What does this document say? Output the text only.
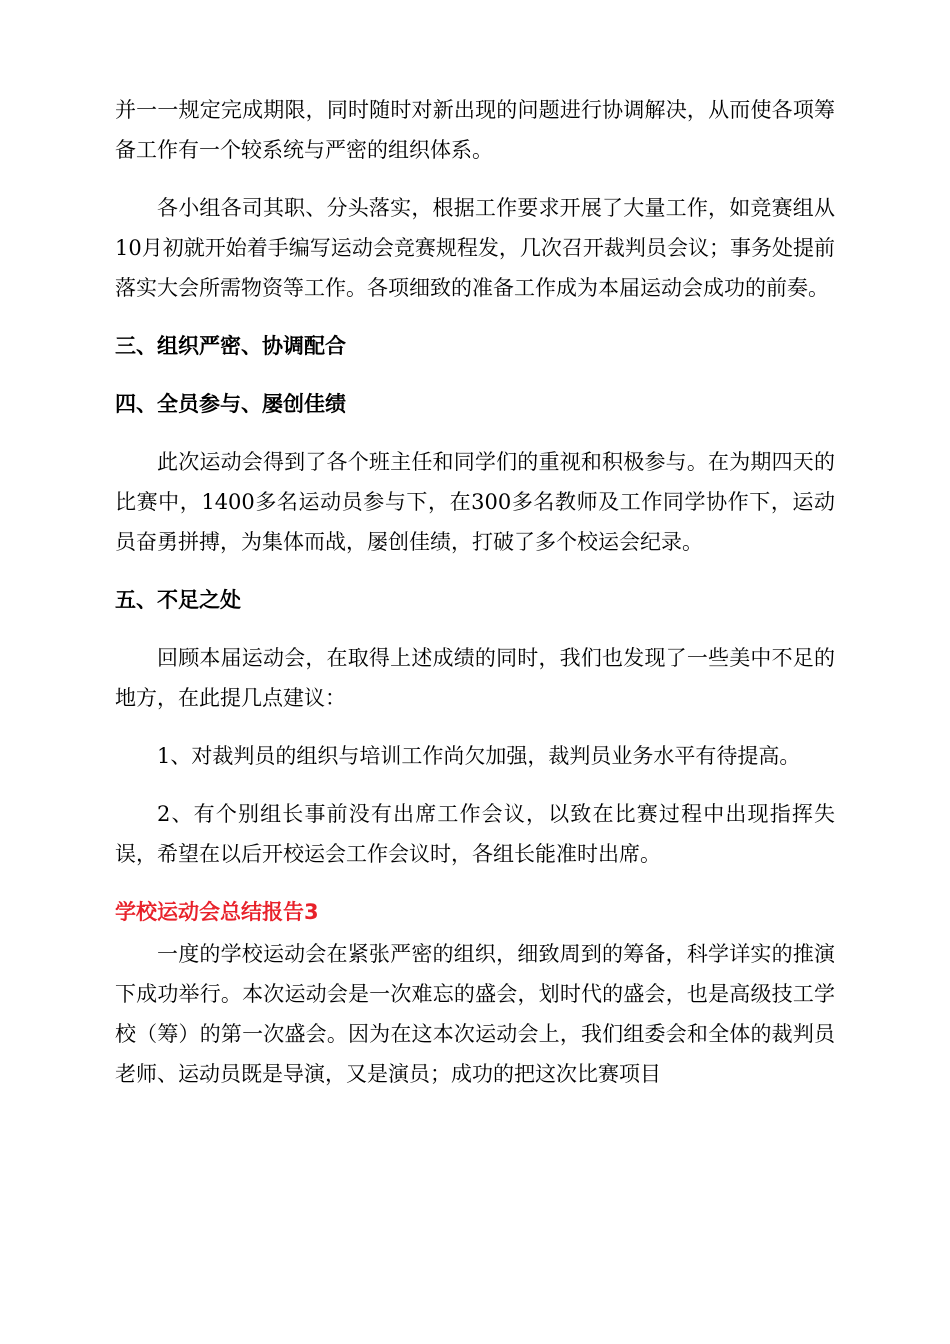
并一一规定完成期限，同时随时对新出现的问题进行协调解决，从而使各项筹备工作有一个较系统与严密的组织体系。

各小组各司其职、分头落实，根据工作要求开展了大量工作，如竞赛组从10月初就开始着手编写运动会竞赛规程发，几次召开裁判员会议；事务处提前落实大会所需物资等工作。各项细致的准备工作成为本届运动会成功的前奏。

三、组织严密、协调配合
四、全员参与、屡创佳绩

此次运动会得到了各个班主任和同学们的重视和积极参与。在为期四天的比赛中，1400多名运动员参与下，在300多名教师及工作同学协作下，运动员奋勇拼搏，为集体而战，屡创佳绩，打破了多个校运会纪录。

五、不足之处

回顾本届运动会，在取得上述成绩的同时，我们也发现了一些美中不足的地方，在此提几点建议：

1、对裁判员的组织与培训工作尚欠加强，裁判员业务水平有待提高。

2、有个别组长事前没有出席工作会议，以致在比赛过程中出现指挥失误，希望在以后开校运会工作会议时，各组长能准时出席。

学校运动会总结报告3

一度的学校运动会在紧张严密的组织，细致周到的筹备，科学详实的推演下成功举行。本次运动会是一次难忘的盛会，划时代的盛会，也是高级技工学校（筹）的第一次盛会。因为在这本次运动会上，我们组委会和全体的裁判员老师、运动员既是导演，又是演员；成功的把这次比赛项目
